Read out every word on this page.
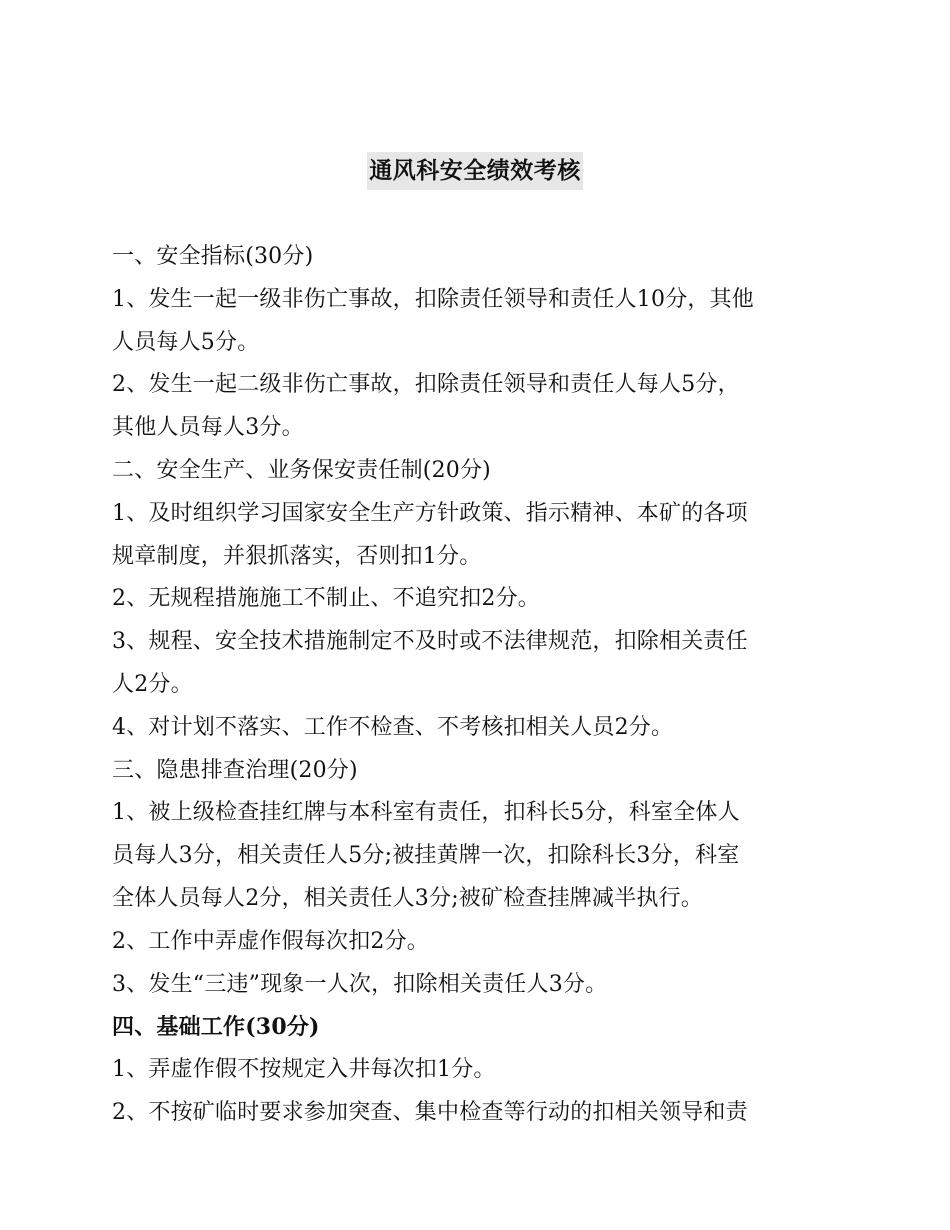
通风科安全绩效考核
一、安全指标(30分)
1、发生一起一级非伤亡事故，扣除责任领导和责任人10分，其他
人员每人5分。
2、发生一起二级非伤亡事故，扣除责任领导和责任人每人5分，
其他人员每人3分。
二、安全生产、业务保安责任制(20分)
1、及时组织学习国家安全生产方针政策、指示精神、本矿的各项
规章制度，并狠抓落实，否则扣1分。
2、无规程措施施工不制止、不追究扣2分。
3、规程、安全技术措施制定不及时或不法律规范，扣除相关责任
人2分。
4、对计划不落实、工作不检查、不考核扣相关人员2分。
三、隐患排查治理(20分)
1、被上级检查挂红牌与本科室有责任，扣科长5分，科室全体人
员每人3分，相关责任人5分;被挂黄牌一次，扣除科长3分，科室
全体人员每人2分，相关责任人3分;被矿检查挂牌减半执行。
2、工作中弄虚作假每次扣2分。
3、发生“三违”现象一人次，扣除相关责任人3分。
四、基础工作(30分)
1、弄虚作假不按规定入井每次扣1分。
2、不按矿临时要求参加突查、集中检查等行动的扣相关领导和责
